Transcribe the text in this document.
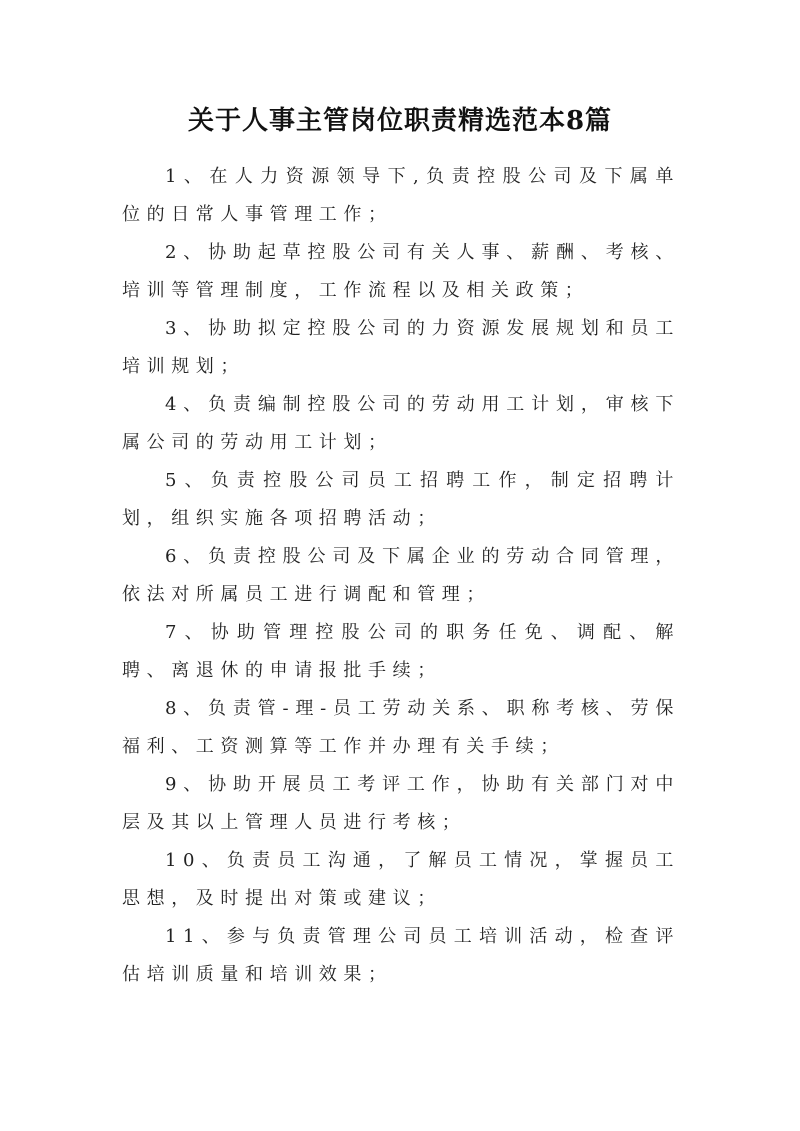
关于人事主管岗位职责精选范本8篇

1、在人力资源领导下,负责控股公司及下属单位的日常人事管理工作；

2、协助起草控股公司有关人事、薪酬、考核、培训等管理制度，工作流程以及相关政策；

3、协助拟定控股公司的力资源发展规划和员工培训规划；

4、负责编制控股公司的劳动用工计划，审核下属公司的劳动用工计划；

5、负责控股公司员工招聘工作，制定招聘计划，组织实施各项招聘活动；

6、负责控股公司及下属企业的劳动合同管理，依法对所属员工进行调配和管理；

7、协助管理控股公司的职务任免、调配、解聘、离退休的申请报批手续；

8、负责管-理-员工劳动关系、职称考核、劳保福利、工资测算等工作并办理有关手续；

9、协助开展员工考评工作，协助有关部门对中层及其以上管理人员进行考核；

10、负责员工沟通，了解员工情况，掌握员工思想，及时提出对策或建议；

11、参与负责管理公司员工培训活动，检查评估培训质量和培训效果；
